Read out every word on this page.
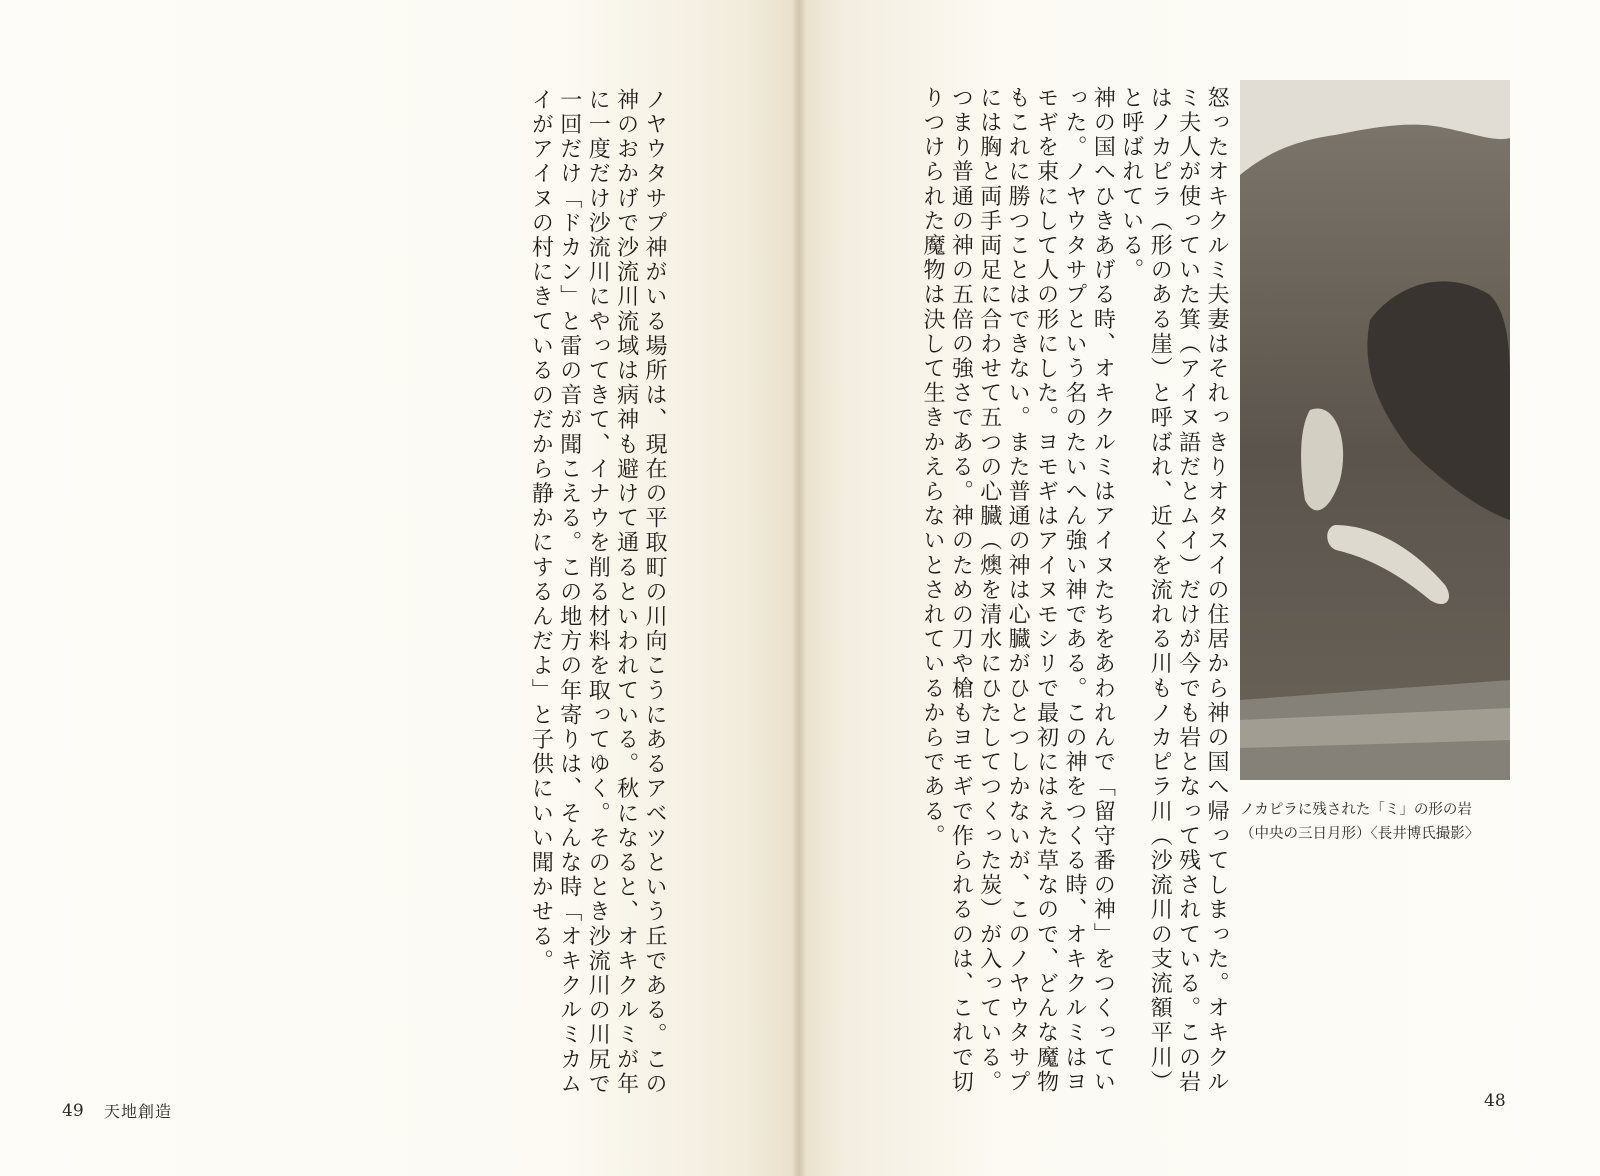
ノヤウタサプ神がいる場所は、現在の平取町の川向こうにあるアベツという丘である。この神のおかげで沙流川流域は病神も避けて通るといわれている。秋になると、オキクルミが年に一度だけ沙流川にやってきて、イナウを削る材料を取ってゆく。そのとき沙流川の川尻で一回だけ「ドカン」と雷の音が聞こえる。この地方の年寄りは、そんな時「オキクルミカムイがアイヌの村にきているのだから静かにするんだよ」と子供にいい聞かせる。

49 天地創造

怒ったオキクルミ夫妻はそれっきりオタスイの住居から神の国へ帰ってしまった。オキクルミ夫人が使っていた箕（アイヌ語だとムイ）だけが今でも岩となって残されている。この岩はノカピラ（形のある崖）と呼ばれ、近くを流れる川もノカピラ川（沙流川の支流額平川）と呼ばれている。
神の国へひきあげる時、オキクルミはアイヌたちをあわれんで「留守番の神」をつくっていった。ノヤウタサプという名のたいへん強い神である。この神をつくる時、オキクルミはヨモギを束にして人の形にした。ヨモギはアイヌモシリで最初にはえた草なので、どんな魔物もこれに勝つことはできない。また普通の神は心臓がひとつしかないが、このノヤウタサプには胸と両手両足に合わせて五つの心臓（燠を清水にひたしてつくった炭）が入っている。つまり普通の神の五倍の強さである。神のための刀や槍もヨモギで作られるのは、これで切りつけられた魔物は決して生きかえらないとされているからである。	ノカピラに残された「ミ」の形の岩
（中央の三日月形）〈長井博氏撮影〉
48
